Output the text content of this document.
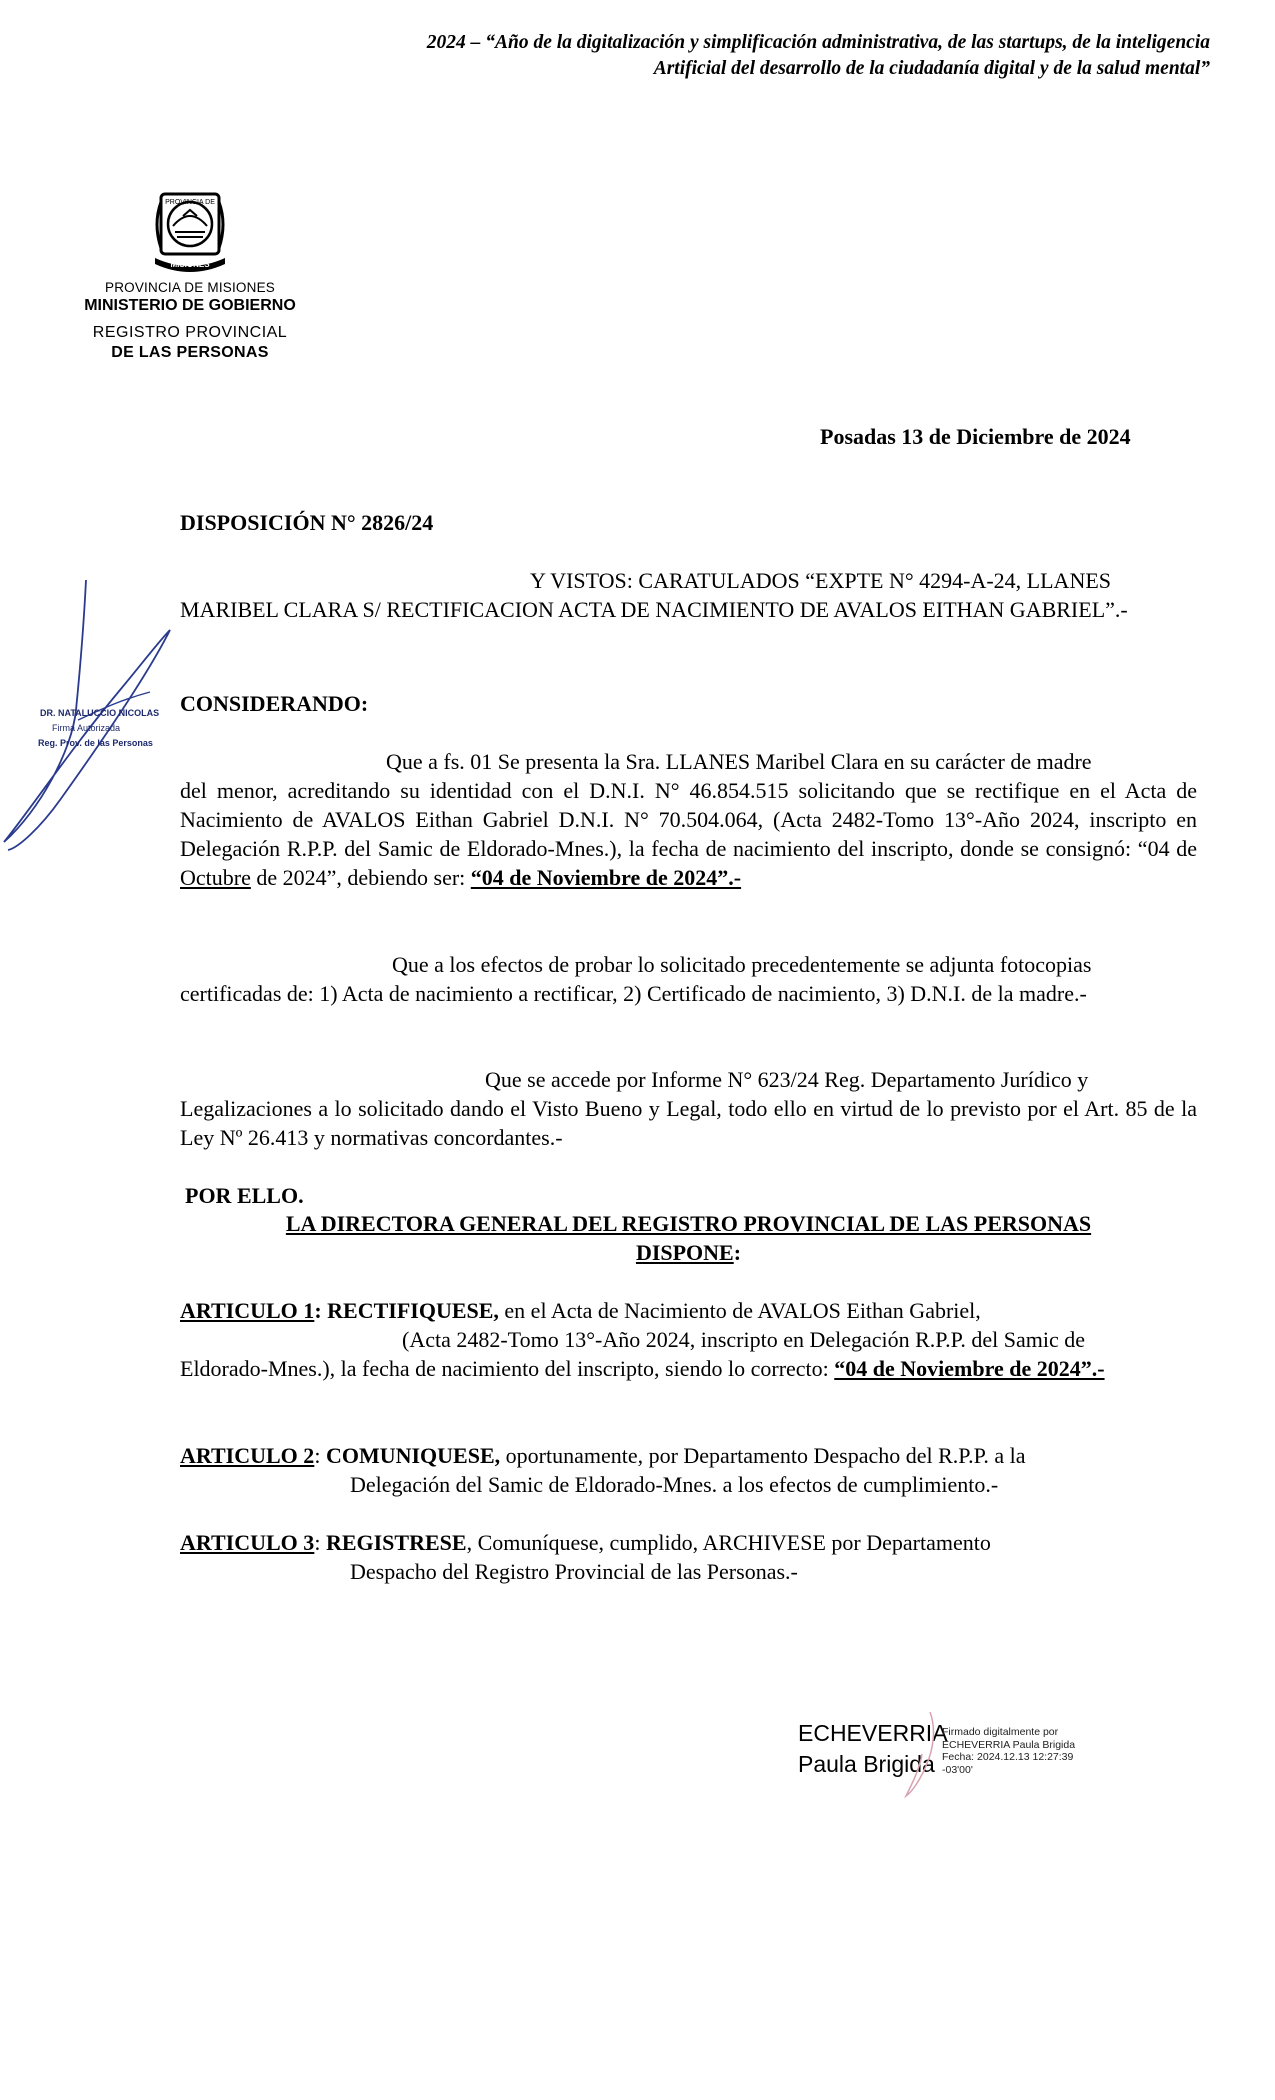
2024 – “Año de la digitalización y simplificación administrativa, de las startups, de la inteligencia
Artificial del desarrollo de la ciudadanía digital y de la salud mental”
PROVINCIA DE
MISIONES
PROVINCIA DE MISIONES
MINISTERIO DE GOBIERNO
REGISTRO PROVINCIAL
DE LAS PERSONAS
Posadas 13 de Diciembre de 2024
DISPOSICIÓN N° 2826/24
Y VISTOS: CARATULADOS “EXPTE N° 4294-A-24, LLANES
MARIBEL CLARA S/ RECTIFICACION ACTA DE NACIMIENTO DE AVALOS EITHAN GABRIEL”.-
CONSIDERANDO:
Que a fs. 01 Se presenta la Sra. LLANES Maribel Clara en su carácter de madre
del menor, acreditando su identidad con el D.N.I. N° 46.854.515 solicitando que se rectifique en el Acta de Nacimiento de AVALOS Eithan Gabriel D.N.I. N° 70.504.064, (Acta 2482-Tomo 13°-Año 2024, inscripto en Delegación R.P.P. del Samic de Eldorado-Mnes.), la fecha de nacimiento del inscripto, donde se consignó: “04 de Octubre de 2024”, debiendo ser: “04 de Noviembre de 2024”.-
Que a los efectos de probar lo solicitado precedentemente se adjunta fotocopias
certificadas de: 1) Acta de nacimiento a rectificar, 2) Certificado de nacimiento, 3) D.N.I. de la madre.-
Que se accede por Informe N° 623/24 Reg. Departamento Jurídico y
Legalizaciones a lo solicitado dando el Visto Bueno y Legal, todo ello en virtud de lo previsto por el Art. 85 de la Ley Nº 26.413 y normativas concordantes.-
POR ELLO.
LA DIRECTORA GENERAL DEL REGISTRO PROVINCIAL DE LAS PERSONAS
DISPONE:
ARTICULO 1: RECTIFIQUESE, en el Acta de Nacimiento de AVALOS Eithan Gabriel,
(Acta 2482-Tomo 13°-Año 2024, inscripto en Delegación R.P.P. del Samic de
Eldorado-Mnes.), la fecha de nacimiento del inscripto, siendo lo correcto: “04 de Noviembre de 2024”.-
ARTICULO 2: COMUNIQUESE, oportunamente, por Departamento Despacho del R.P.P. a la
Delegación del Samic de Eldorado-Mnes. a los efectos de cumplimiento.-
ARTICULO 3: REGISTRESE, Comuníquese, cumplido, ARCHIVESE por Departamento
Despacho del Registro Provincial de las Personas.-
DR. NATALUCCIO NICOLAS
Firma Autorizada
Reg. Prov. de las Personas
ECHEVERRIA
Paula Brigida
Firmado digitalmente por
ECHEVERRIA Paula Brigida
Fecha: 2024.12.13 12:27:39
-03'00'
